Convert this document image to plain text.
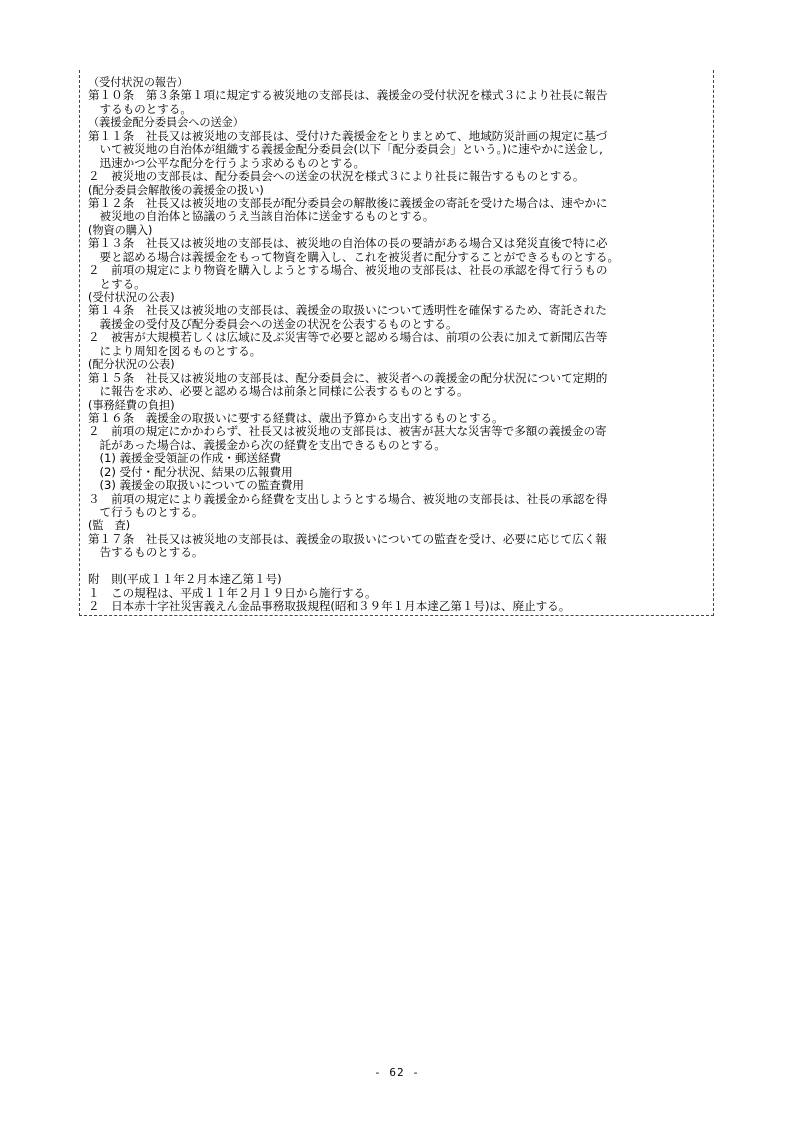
（受付状況の報告）
第１０条　第３条第１項に規定する被災地の支部長は、義援金の受付状況を様式３により社長に報告
　するものとする。
（義援金配分委員会への送金）
第１１条　社長又は被災地の支部長は、受付けた義援金をとりまとめて、地域防災計画の規定に基づ
　いて被災地の自治体が組織する義援金配分委員会(以下「配分委員会」という。)に速やかに送金し,
　迅速かつ公平な配分を行うよう求めるものとする。
２　被災地の支部長は、配分委員会への送金の状況を様式３により社長に報告するものとする。
(配分委員会解散後の義援金の扱い)
第１２条　社長又は被災地の支部長が配分委員会の解散後に義援金の寄託を受けた場合は、速やかに
　被災地の自治体と協議のうえ当該自治体に送金するものとする。
(物資の購入)
第１３条　社長又は被災地の支部長は、被災地の自治体の長の要請がある場合又は発災直後で特に必
　要と認める場合は義援金をもって物資を購入し、これを被災者に配分することができるものとする。
２　前項の規定により物資を購入しようとする場合、被災地の支部長は、社長の承認を得て行うもの
　とする。
(受付状況の公表)
第１４条　社長又は被災地の支部長は、義援金の取扱いについて透明性を確保するため、寄託された
　義援金の受付及び配分委員会への送金の状況を公表するものとする。
２　被害が大規模若しくは広域に及ぶ災害等で必要と認める場合は、前項の公表に加えて新聞広告等
　により周知を図るものとする。
(配分状況の公表)
第１５条　社長又は被災地の支部長は、配分委員会に、被災者への義援金の配分状況について定期的
　に報告を求め、必要と認める場合は前条と同様に公表するものとする。
(事務経費の負担)
第１６条　義援金の取扱いに要する経費は、歳出予算から支出するものとする。
２　前項の規定にかかわらず、社長又は被災地の支部長は、被害が甚大な災害等で多額の義援金の寄
　託があった場合は、義援金から次の経費を支出できるものとする。
　(1) 義援金受領証の作成・郵送経費
　(2) 受付・配分状況、結果の広報費用
　(3) 義援金の取扱いについての監査費用
３　前項の規定により義援金から経費を支出しようとする場合、被災地の支部長は、社長の承認を得
　て行うものとする。
(監　査)
第１７条　社長又は被災地の支部長は、義援金の取扱いについての監査を受け、必要に応じて広く報
　告するものとする。
附　則(平成１１年２月本達乙第１号)
１　この規程は、平成１１年２月１９日から施行する。
２　日本赤十字社災害義えん金品事務取扱規程(昭和３９年１月本達乙第１号)は、廃止する。
- 62 -
